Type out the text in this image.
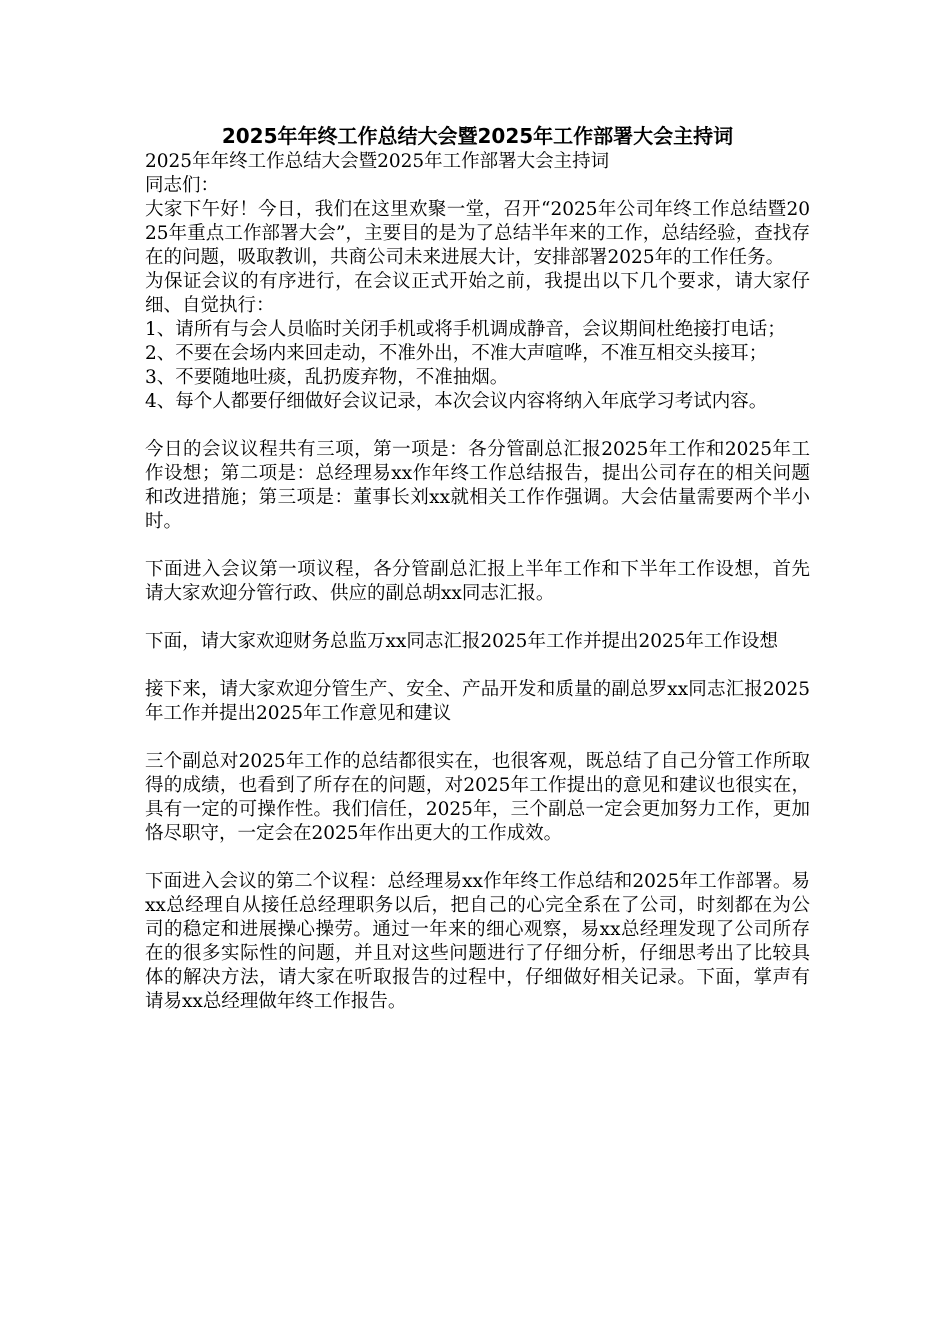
2025年年终工作总结大会暨2025年工作部署大会主持词

2025年年终工作总结大会暨2025年工作部署大会主持词

同志们：

大家下午好！今日，我们在这里欢聚一堂，召开“2025年公司年终工作总结暨2025年重点工作部署大会”，主要目的是为了总结半年来的工作，总结经验，查找存在的问题，吸取教训，共商公司未来进展大计，安排部署2025年的工作任务。

为保证会议的有序进行，在会议正式开始之前，我提出以下几个要求，请大家仔细、自觉执行：

1、请所有与会人员临时关闭手机或将手机调成静音，会议期间杜绝接打电话；

2、不要在会场内来回走动，不准外出，不准大声喧哗，不准互相交头接耳；

3、不要随地吐痰，乱扔废弃物，不准抽烟。

4、每个人都要仔细做好会议记录，本次会议内容将纳入年底学习考试内容。

今日的会议议程共有三项，第一项是：各分管副总汇报2025年工作和2025年工作设想；第二项是：总经理易xx作年终工作总结报告，提出公司存在的相关问题和改进措施；第三项是：董事长刘xx就相关工作作强调。大会估量需要两个半小时。

下面进入会议第一项议程，各分管副总汇报上半年工作和下半年工作设想，首先请大家欢迎分管行政、供应的副总胡xx同志汇报。

下面，请大家欢迎财务总监万xx同志汇报2025年工作并提出2025年工作设想

接下来，请大家欢迎分管生产、安全、产品开发和质量的副总罗xx同志汇报2025年工作并提出2025年工作意见和建议

三个副总对2025年工作的总结都很实在，也很客观，既总结了自己分管工作所取得的成绩，也看到了所存在的问题，对2025年工作提出的意见和建议也很实在，具有一定的可操作性。我们信任，2025年，三个副总一定会更加努力工作，更加恪尽职守，一定会在2025年作出更大的工作成效。

下面进入会议的第二个议程：总经理易xx作年终工作总结和2025年工作部署。易xx总经理自从接任总经理职务以后，把自己的心完全系在了公司，时刻都在为公司的稳定和进展操心操劳。通过一年来的细心观察，易xx总经理发现了公司所存在的很多实际性的问题，并且对这些问题进行了仔细分析，仔细思考出了比较具体的解决方法，请大家在听取报告的过程中，仔细做好相关记录。下面，掌声有请易xx总经理做年终工作报告。
